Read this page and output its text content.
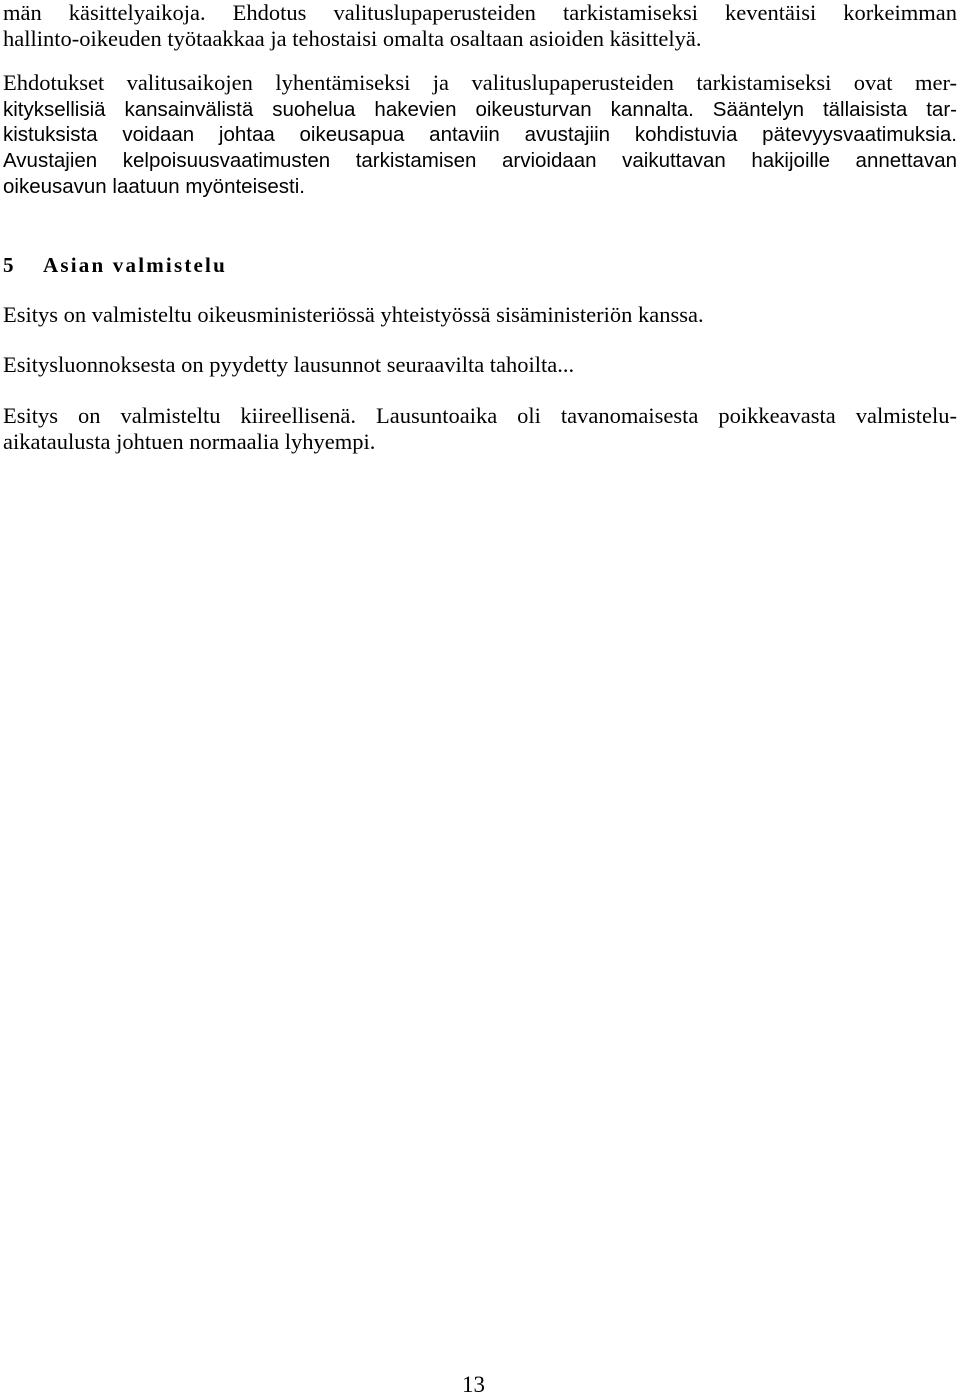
män käsittelyaikoja. Ehdotus valituslupaperusteiden tarkistamiseksi keventäisi korkeimman
hallinto-oikeuden työtaakkaa ja tehostaisi omalta osaltaan asioiden käsittelyä.
Ehdotukset valitusaikojen lyhentämiseksi ja valituslupaperusteiden tarkistamiseksi ovat mer-
kityksellisiä kansainvälistä suohelua hakevien oikeusturvan kannalta. Sääntelyn tällaisista tar-
kistuksista voidaan johtaa oikeusapua antaviin avustajiin kohdistuvia pätevyysvaatimuksia.
Avustajien kelpoisuusvaatimusten tarkistamisen arvioidaan vaikuttavan hakijoille annettavan
oikeusavun laatuun myönteisesti.
5 Asian valmistelu
Esitys on valmisteltu oikeusministeriössä yhteistyössä sisäministeriön kanssa.
Esitysluonnoksesta on pyydetty lausunnot seuraavilta tahoilta...
Esitys on valmisteltu kiireellisenä. Lausuntoaika oli tavanomaisesta poikkeavasta valmistelu-
aikataulusta johtuen normaalia lyhyempi.
13
